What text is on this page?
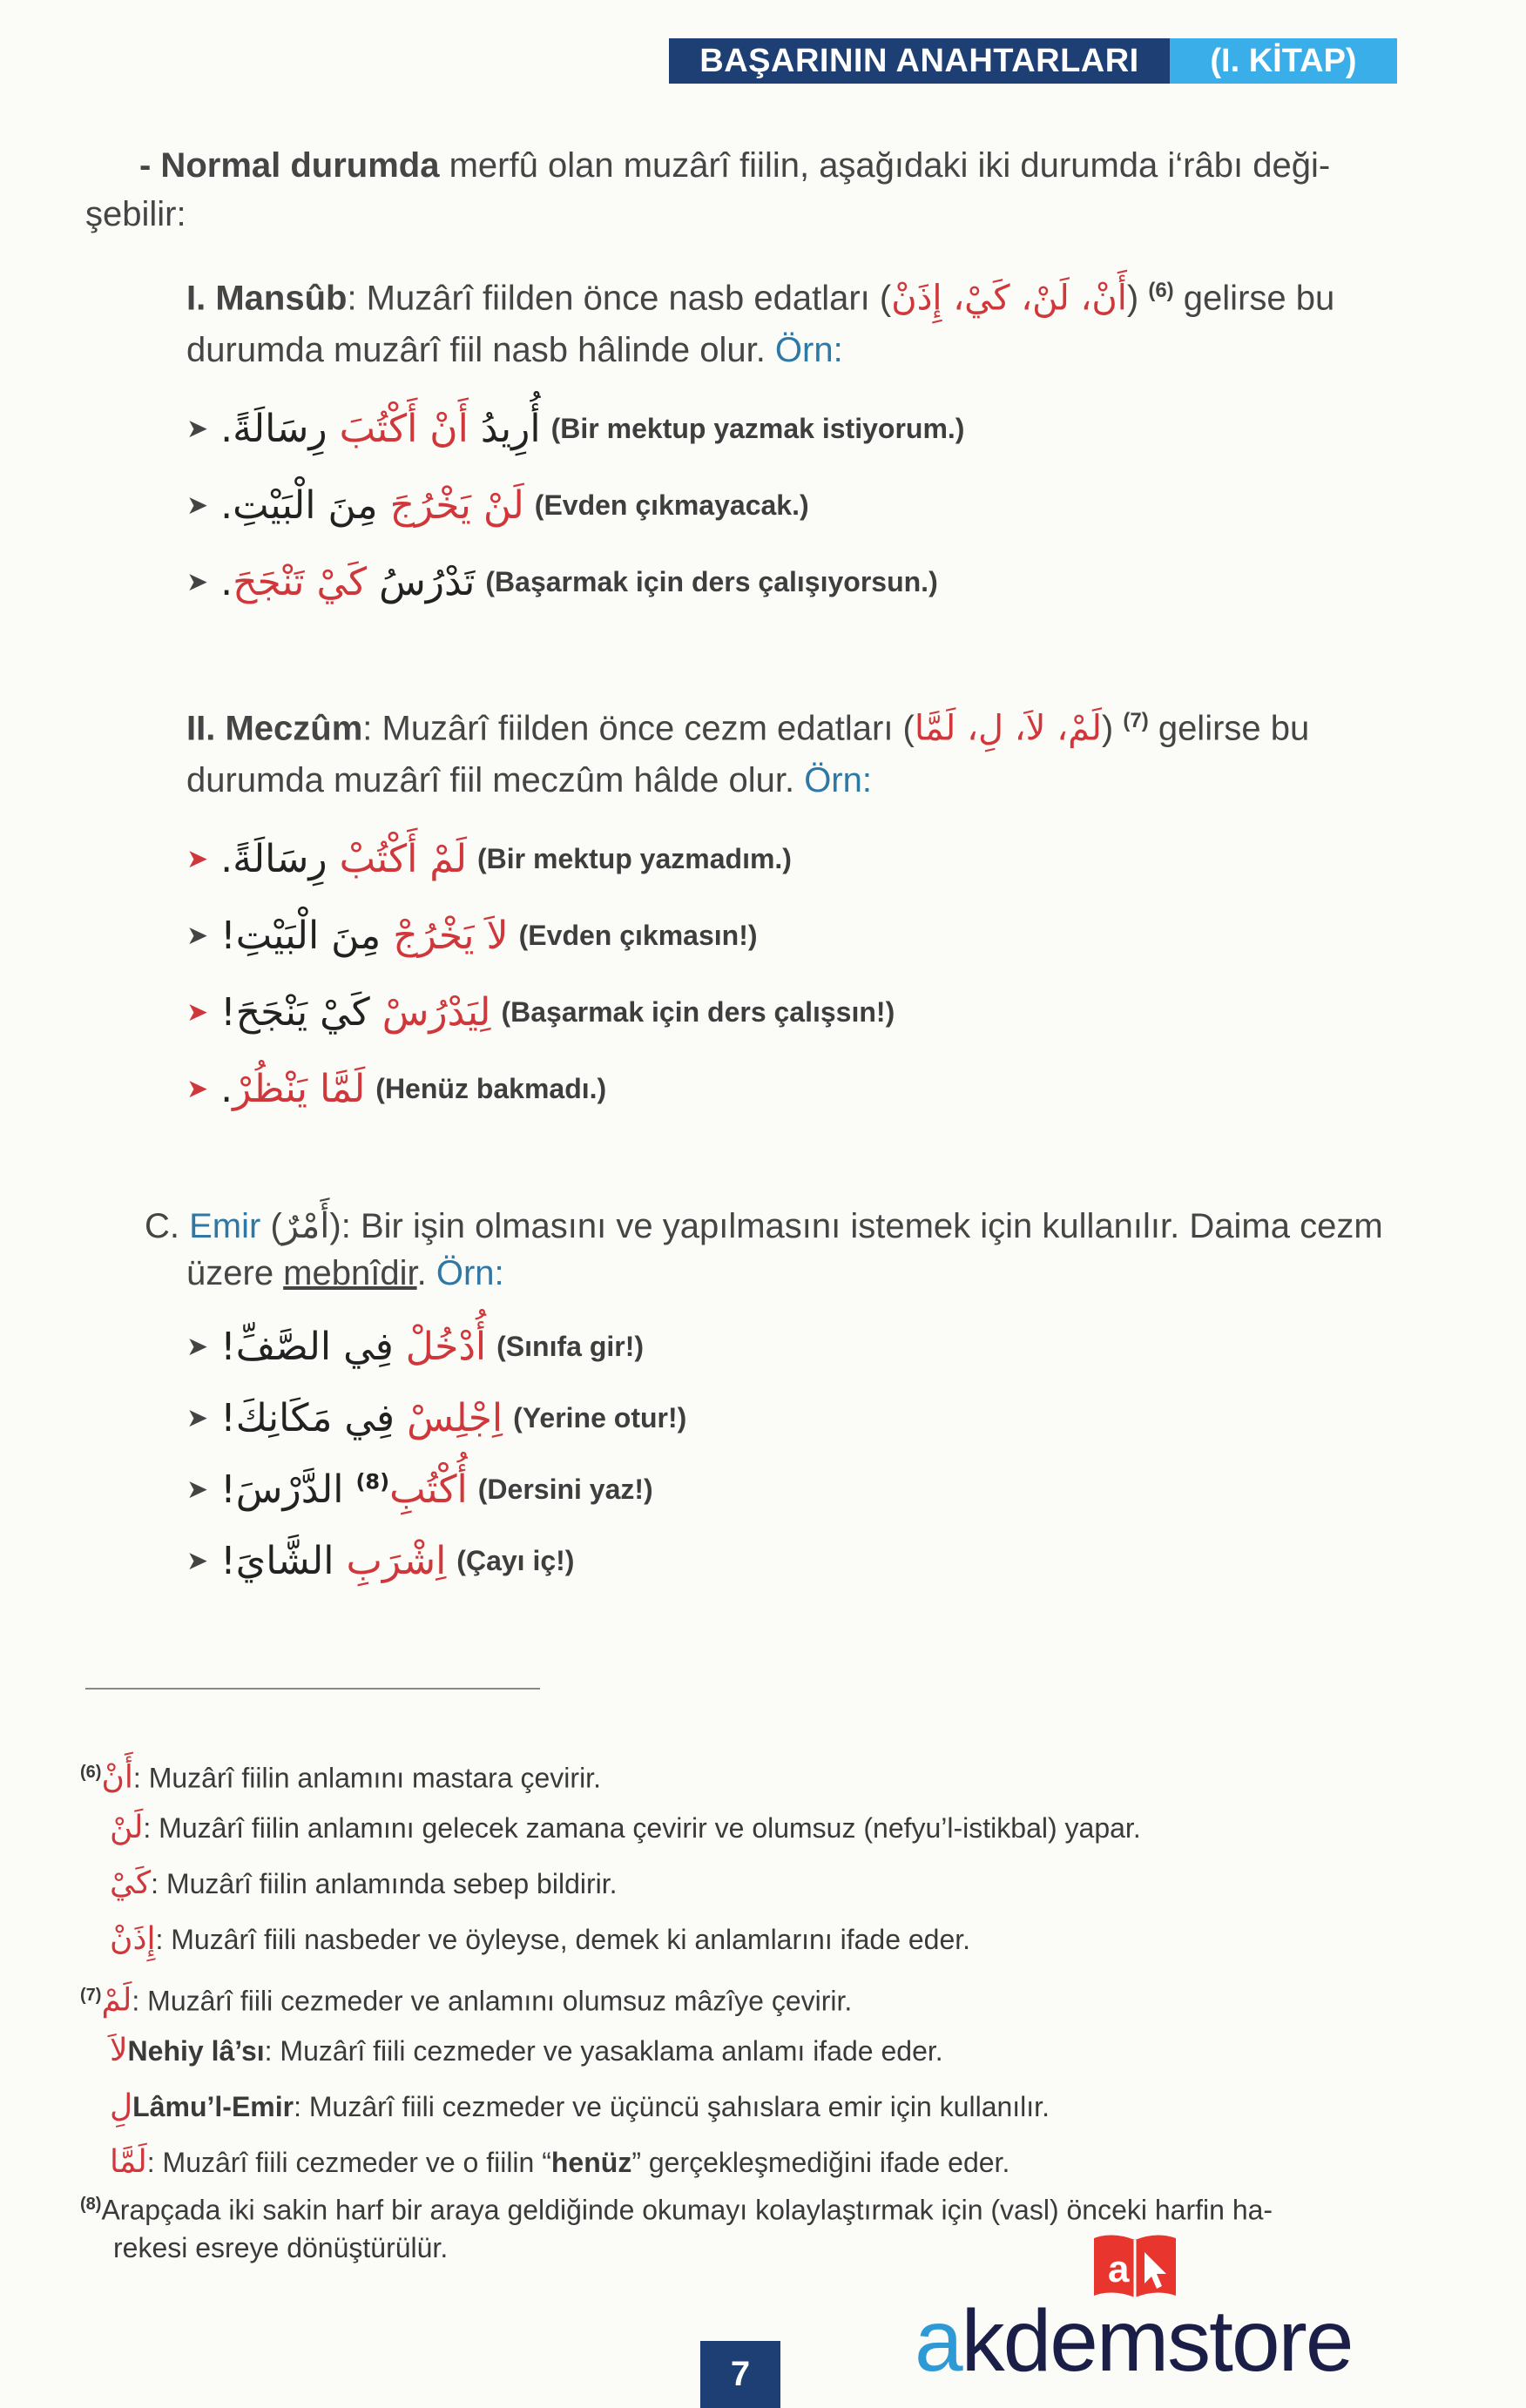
BAŞARININ ANAHTARLARI	(I. KİTAP)
- Normal durumda merfû olan muzârî fiilin, aşağıdaki iki durumda i‘râbı deği-
şebilir:
I. Mansûb: Muzârî fiilden önce nasb edatları (أَنْ، لَنْ، كَيْ، إِذَنْ) $^{(6)}$ gelirse bu
durumda muzârî fiil nasb hâlinde olur. Örn:
➤	أُرِيدُ أَنْ أَكْتُبَ رِسَالَةً.	(Bir mektup yazmak istiyorum.)
➤	لَنْ يَخْرُجَ مِنَ الْبَيْتِ.	(Evden çıkmayacak.)
➤	تَدْرُسُ كَيْ تَنْجَحَ.	(Başarmak için ders çalışıyorsun.)
II. Meczûm: Muzârî fiilden önce cezm edatları (لَمْ، لاَ، لِ، لَمَّا) $^{(7)}$ gelirse bu
durumda muzârî fiil meczûm hâlde olur. Örn:
➤	لَمْ أَكْتُبْ رِسَالَةً.	(Bir mektup yazmadım.)
➤	لاَ يَخْرُجْ مِنَ الْبَيْتِ!	(Evden çıkmasın!)
➤	لِيَدْرُسْ كَيْ يَنْجَحَ!	(Başarmak için ders çalışsın!)
➤ لَمَّا يَنْظُرْ.	(Henüz bakmadı.)
C. Emir (أَمْرٌ): Bir işin olmasını ve yapılmasını istemek için kullanılır. Daima cezm
üzere mebnîdir. Örn:
➤	أُدْخُلْ فِي الصَّفِّ!	(Sınıfa gir!)
➤	اِجْلِسْ فِي مَكَانِكَ!	(Yerine otur!)
➤	أُكْتُبِ$^{(8)}$ الدَّرْسَ!	(Dersini yaz!)
➤	اِشْرَبِ الشَّايَ!	(Çayı iç!)
$^{(6)}$أَنْ: Muzârî fiilin anlamını mastara çevirir.
لَنْ: Muzârî fiilin anlamını gelecek zamana çevirir ve olumsuz (nefyu’l-istikbal) yapar.
كَيْ: Muzârî fiilin anlamında sebep bildirir.
إِذَنْ: Muzârî fiili nasbeder ve öyleyse, demek ki anlamlarını ifade eder.
$^{(7)}$لَمْ: Muzârî fiili cezmeder ve anlamını olumsuz mâzîye çevirir.
لاَNehiy lâ’sı: Muzârî fiili cezmeder ve yasaklama anlamı ifade eder.
لِLâmu’l-Emir: Muzârî fiili cezmeder ve üçüncü şahıslara emir için kullanılır.
لَمَّا: Muzârî fiili cezmeder ve o fiilin “henüz” gerçekleşmediğini ifade eder.
$^{(8)}$Arapçada iki sakin harf bir araya geldiğinde okumayı kolaylaştırmak için (vasl) önceki harfin ha-
rekesi esreye dönüştürülür.
7
a
akdemstore
